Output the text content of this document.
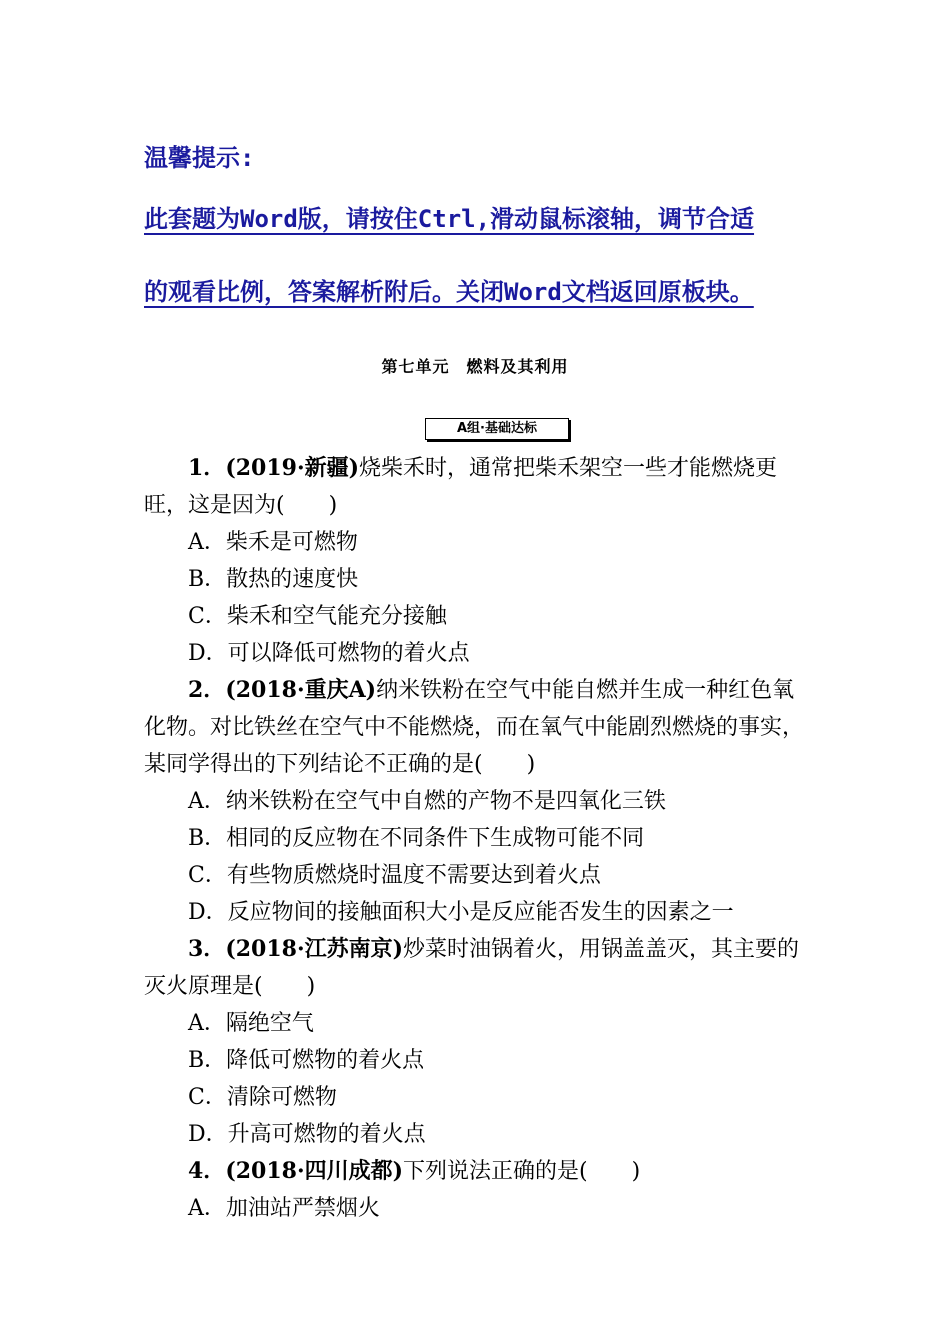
温馨提示:
此套题为Word版，请按住Ctrl,滑动鼠标滚轴，调节合适
的观看比例，答案解析附后。关闭Word文档返回原板块。
第七单元　燃料及其利用
A组·基础达标

1．(2019·新疆)烧柴禾时，通常把柴禾架空一些才能燃烧更旺，这是因为(　　)

A．柴禾是可燃物

B．散热的速度快

C．柴禾和空气能充分接触

D．可以降低可燃物的着火点

2．(2018·重庆A)纳米铁粉在空气中能自燃并生成一种红色氧化物。对比铁丝在空气中不能燃烧，而在氧气中能剧烈燃烧的事实，某同学得出的下列结论不正确的是(　　)

A．纳米铁粉在空气中自燃的产物不是四氧化三铁

B．相同的反应物在不同条件下生成物可能不同

C．有些物质燃烧时温度不需要达到着火点

D．反应物间的接触面积大小是反应能否发生的因素之一

3．(2018·江苏南京)炒菜时油锅着火，用锅盖盖灭，其主要的灭火原理是(　　)

A．隔绝空气

B．降低可燃物的着火点

C．清除可燃物

D．升高可燃物的着火点

4．(2018·四川成都)下列说法正确的是(　　)

A．加油站严禁烟火
